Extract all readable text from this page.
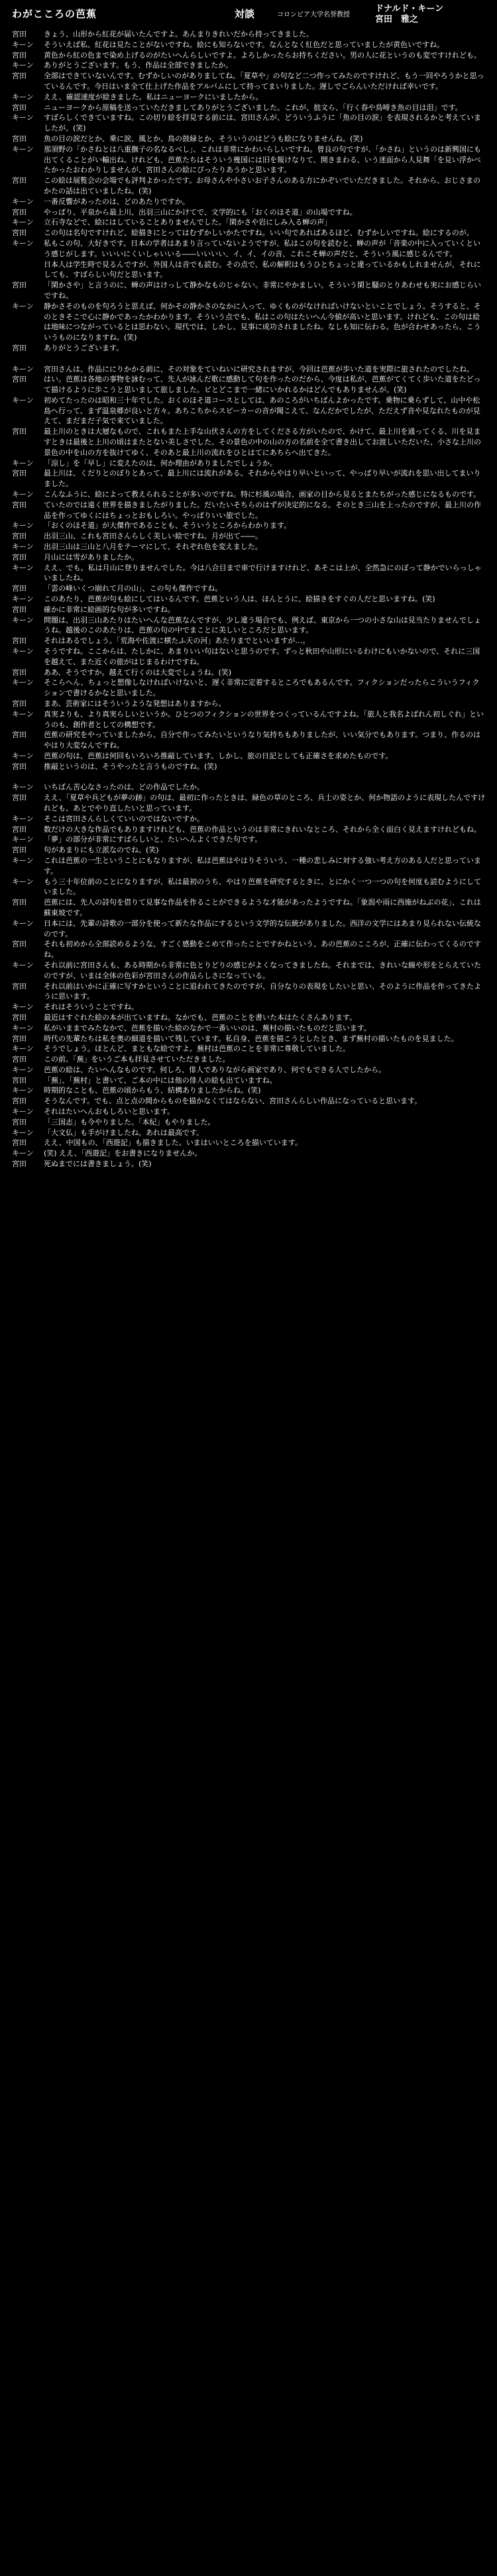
わがこころの芭蕉	対談	コロンビア大学名誉教授
ドナルド・キーン
宮田　雅之
宮田	きょう、山形から紅花が届いたんですよ。あんまりきれいだから持ってきました。
キーン	そういえば私、紅花は見たことがないですね。絵にも知らないです。なんとなく紅色だと思っていましたが黄色いですね。
宮田	黄色から紅の色まで染め上げるのがたいへんらしいですよ。よろしかったらお持ちください。男の人に花というのも変ですけれども。
キーン	ありがとうございます。もう、作品は全部できましたか。
宮田	全部はできていないんです。むずかしいのがありましてね。「夏草や」の句など二つ作ってみたのですけれど、もう一回やろうかと思っているんです。今日はいま全て仕上げた作品をアルバムにして持ってまいりました。遅しでごらんいただければ幸いです。
キーン	ええ、確認速度が絵きました。私はニューヨークにいましたから。
宮田	ニューヨークから原稿を送っていただきましてありがとうございました。これが、拙文ら、「行く春や鳥啼き魚の目は泪」です。
キーン	すばらしくできていますね。この切り絵を拝見する前には、宮田さんが、どういうふうに「魚の目の涙」を表現されるかと考えていましたが。(笑)
宮田	魚の目の涙だとか、乗に涙、風とか、鳥の鼓緑とか、そういうのはどうも絵になりませんね。(笑)
キーン	那須野の「かさねとは八重撫子の名なるべし」、これは非常にかわいらしいですね。曾良の句ですが、「かさね」というのは新興国にも出てくることがい輸出ね。けれども、芭蕉たちはそういう幾国には旧を報けなりて、開きまわる、いう迷面から人見舞「を見い浮かべたかったおわかりしませんが、宮田さんの絵にぴったりあうかと思います。
宮田	この絵は展覧会の会場でも評判よかったです。お母さんや小さいお子さんのある方にかぞいでいただきました。それから、おじさまのかたの話は出ていましたね。(笑)
キーン	一番反響があったのは、どのあたりですか。
宮田	やっぱり、平泉から最上川、出羽三山にかけてで、文学的にも「おくのほそ道」の山場ですね。
キーン	立石寺などで、絵にはしていることありませんでした。「閑かさや岩にしみ入る蝉の声」
宮田	この句は名句ですけれど、絵描きにとってはむずかしいかたですね。いい句であればあるほど、むずかしいですね。絵にするのが。
キーン	私もこの句、大好きです。日本の学者はあまり言っていないようですが、私はこの句を読むと、蝉の声が「音楽の中に入っていくという感じがします。いいいにくいしゃいいる――いいいい、イ、イ、イの音、これこそ蝉の声だと、そういう風に感じるんです。
日本人は学生時で見るんですが、外国人は音でも読む。その点で、私の解釈はもうひとちょっと違っているかもしれませんが、それにしても、すばらしい句だと思います。
宮田	「閑かさや」と言うのに、蝉の声はけっして静かなものじゃない。非常にやかましい。そういう閑と騒のとりあわせも実にお感じらいですね。
キーン	静かさそのものを句ろうと思えば、何かその静かさのなかに入って、ゆくものがなければいけないといことでしょう。そうすると、そのときそこで心に静かであったかわかります。そういう点でも、私はこの句はたいへん今値が高いと思います。けれども、この句は絵は地味につながっているとは思わない。現代では、しかし、見事に成功されましたね。なしも知に伝わる。色が合わせあったら、こういうものになりますね。(笑)
宮田	ありがとうございます。
キーン	宮田さんは、作品ににりかかる前に、その対象をていねいに研究されますが、今回は芭蕉が歩いた道を実際に旅されたのでしたね。
宮田	はい。芭蕉は各地の事物を詠むって、先人が詠んだ歌に感動して句を作ったのだから、今度は私が、芭蕉がてくてく歩いた道をたどって描けるように歩こうと思いまして旅しました。ビとどこまで一緒にいかれるかはどんでもありませんが。(笑)
キーン	初めてたったのは昭和三十年でした。おくのほそ道コースとしては、あのころがいちばんよかったです。乗物に乗らずして、山中や松島へ行って、まず温泉郷が良いと方々。あちこちからスピーカーの音が聞こえて、なんだかでしたが、ただえず音や見なれたものが見えて、まだまだ子気で来ていました。
宮田	最上川のときは大層なもので、これもまた上手な山伏さんの方をしてくださる方がいたので、かけて、最上川を通ってくる、川を見ますときは最後と上川の頃はまたとない美しさでした。その景色の中の山の方の名前を全て書き出してお渡しいただいた、小さな上川の景色の中を山の方を抜けてゆく、そのあと最上川の流れをひとはてにあちらへ出てきた。
キーン	「涼し」を「早し」に変えたのは、何か理由がありましたでしょうか。
宮田	最上川は、くだりとのぼりとあって、最上川には流れがある。それからやはり早いといって、やっぱり早いが流れを思い出してまいりました。
キーン	こんなふうに、絵によって教えられることが多いのですね。特に杉風の場合、画家の目から見るとまたちがった感じになるものです。
宮田	ていたのでは遠く世界を描きましたがりました。だいたいそちらのはずが決定的になる。そのとき三山を上ったのですが、最上川の作品を作ってゆくにはちょっとおもしろい。やっぱりいい旅でした。
キーン	「おくのほそ道」が大傑作であることも、そういうところからわかります。
宮田	出羽三山、これも宮田さんらしく美しい絵ですね。月が出て――。
キーン	出羽三山は三山と八月をテーマにして、それぞれ色を変えました。
宮田	月山には雪がありましたか。
キーン	ええ、でも。私は月山に登りませんでした。今は八合目まで車で行けますけれど、あそこは上が、全然急にのぼって静かでいらっしゃいましたね。
宮田	「雲の峰いくつ崩れて月の山」、この句も傑作ですね。
キーン	このあたり、芭蕉が句も絵にしてはいるんです。芭蕉という人は、ほんとうに、絵描きをすぐの人だと思いますね。(笑)
宮田	確かに非常に絵画的な句が多いですね。
キーン	問題は、出羽三山あたりはたいへんな芭蕉なんですが、少し違う場合でも、例えば、東京から一つの小さな山は見当たりませんでしょうね。越後のこのあたりは、芭蕉の句の中でまことに美しいところだと思います。
宮田	それはあるでしょう。「荒海や佐渡に横たふ天の河」あたりまでといいますが…。
キーン	そうですね。ここからは、たしかに、あまりいい句はないと思うのです。ずっと秋田や山形にいるわけにもいかないので、それに三国を越えて、また近くの旅がはじまるわけですね。
宮田	ああ、そうですか。越えて行くのは大変でしょうね。(笑)
キーン	そこらへん、ちょっと想像しなければいけないと、遅く非常に定着するところでもあるんです。フィクションだったらこういうフィクションで書けるかなと思いました。
宮田	まあ、芸術家にはそういうような発想はありますから。
キーン	真実よりも、より真実らしいというか。ひとつのフィクションの世界をつくっているんですよね。「旅人と我名よばれん初しぐれ」というのも、創作者としての構想です。
宮田	芭蕉の研究をやっていましたから、自分で作ってみたいというなり気持ちもありましたが、いい気分でもあります。つまり、作るのはやはり大変なんですね。
キーン	芭蕉の句は、芭蕉は何回もいろいろ推敲しています。しかし、旅の日記としても正確さを求めたものです。
宮田	推敲というのは、そうやったと言うものですね。(笑)
キーン	いちばん苦心なさったのは、どの作品でしたか。
宮田	ええ、「夏草や兵どもが夢の跡」の句は、最初に作ったときは、緑色の草のところ、兵士の姿とか、何か物語のように表現したんですけれども、あとでやり直したいと思っています。
キーン	そこは宮田さんらしくていいのではないですか。
宮田	数だけの大きな作品でもありますけれども、芭蕉の作品というのは非常にきれいなところ、それから全く面白く見えますけれどもね。
キーン	「夢」の部分が非常にすばらしいと、たいへんよくできた句です。
宮田	句があまりにも立派なのでね。(笑)
キーン	これは芭蕉の一生ということにもなりますが、私は芭蕉はやはりそういう、一種の悲しみに対する強い考え方のある人だと思っています。
キーン	もう三十年位前のことになりますが、私は最初のうち、やはり芭蕉を研究するときに、とにかく一つ一つの句を何度も読むようにしていました。
宮田	芭蕉には、先人の詩句を借りて見事な作品を作ることができるような才能があったようですね。「象潟や雨に西施がねぶの花」、これは蘇東坡です。
キーン	日本には、先輩の詩歌の一部分を使って新たな作品にするという文学的な伝統がありました。西洋の文学にはあまり見られない伝統なのです。
宮田	それも初めから全部読めるような、すごく感動をこめて作ったことですかねという、あの芭蕉のこころが、正確に伝わってくるのですね。
キーン	それ以前に宮田さんも、ある時期から非常に色とりどりの感じがよくなってきましたね。それまでは、きれいな線や形をとらえていたのですが、いまは全体の色彩が宮田さんの作品らしさになっている。
宮田	それ以前はいかに正確に写すかということに追われてきたのですが、自分なりの表現をしたいと思い、そのように作品を作ってきたように思います。
キーン	それはそういうことですね。
宮田	最近はすぐれた絵の本が出ていますね。なかでも、芭蕉のことを書いた本はたくさんあります。
キーン	私がいままでみたなかで、芭蕉を描いた絵のなかで一番いいのは、蕪村の描いたものだと思います。
宮田	時代の先輩たちは私を奥の細道を描いて残しています。私自身、芭蕉を描こうとしたとき、まず蕪村の描いたものを見ました。
キーン	そうでしょう。ほとんど、まともな絵ですよ。蕪村は芭蕉のことを非常に尊敬していました。
宮田	この前、「蕪」をいうご本も拝見させていただきました。
キーン	芭蕉の絵は、たいへんなものです。何しろ、俳人でありながら画家であり、何でもできる人でしたから。
宮田	「蕪」、「蕪村」と書いて、ご本の中には他の俳人の絵も出ていますね。
キーン	時期的なことも、芭蕉の頃からもう、結構ありましたからね。(笑)
宮田	そうなんです。でも、点と点の間からものを描かなくてはならない、宮田さんらしい作品になっていると思います。
キーン	それはたいへんおもしろいと思います。
宮田	「三国志」も今やりました。「本紀」もやりました。
キーン	「大文仏」も手がけましたね。あれは最高です。
宮田	ええ、中国もの、「西遊記」も描きました。いまはいいところを描いています。
キーン	(笑) ええ、「西遊記」をお書きになりませんか。
宮田	死ぬまでには書きましょう。(笑)
